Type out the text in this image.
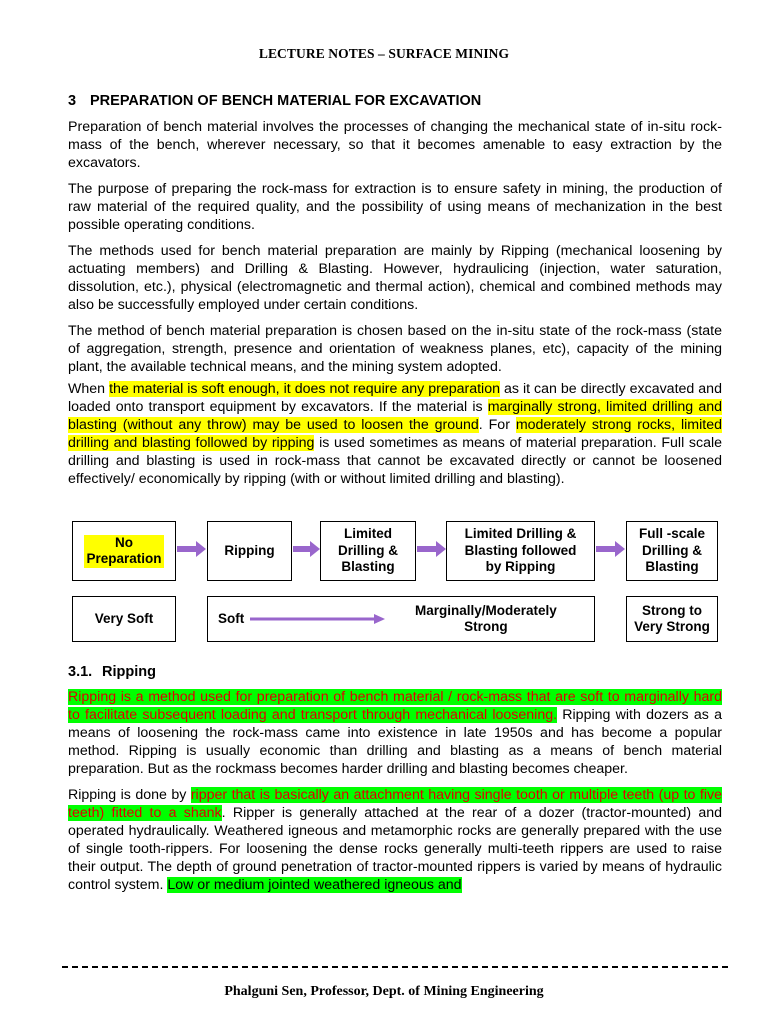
LECTURE NOTES – SURFACE MINING
3 PREPARATION OF BENCH MATERIAL FOR EXCAVATION

Preparation of bench material involves the processes of changing the mechanical state of in-situ rock-mass of the bench, wherever necessary, so that it becomes amenable to easy extraction by the excavators.

The purpose of preparing the rock-mass for extraction is to ensure safety in mining, the production of raw material of the required quality, and the possibility of using means of mechanization in the best possible operating conditions.

The methods used for bench material preparation are mainly by Ripping (mechanical loosening by actuating members) and Drilling & Blasting. However, hydraulicing (injection, water saturation, dissolution, etc.), physical (electromagnetic and thermal action), chemical and combined methods may also be successfully employed under certain conditions.

The method of bench material preparation is chosen based on the in-situ state of the rock-mass (state of aggregation, strength, presence and orientation of weakness planes, etc), capacity of the mining plant, the available technical means, and the mining system adopted.

When the material is soft enough, it does not require any preparation as it can be directly excavated and loaded onto transport equipment by excavators. If the material is marginally strong, limited drilling and blasting (without any throw) may be used to loosen the ground. For moderately strong rocks, limited drilling and blasting followed by ripping is used sometimes as means of material preparation. Full scale drilling and blasting is used in rock-mass that cannot be excavated directly or cannot be loosened effectively/ economically by ripping (with or without limited drilling and blasting).

No Preparation
Ripping
Limited Drilling & Blasting
Limited Drilling & Blasting followed by Ripping
Full -scale Drilling & Blasting
Very Soft	Soft
Marginally/Moderately Strong
Strong to Very Strong
3.1. Ripping

Ripping is a method used for preparation of bench material / rock-mass that are soft to marginally hard to facilitate subsequent loading and transport through mechanical loosening. Ripping with dozers as a means of loosening the rock-mass came into existence in late 1950s and has become a popular method. Ripping is usually economic than drilling and blasting as a means of bench material preparation. But as the rockmass becomes harder drilling and blasting becomes cheaper.

Ripping is done by ripper that is basically an attachment having single tooth or multiple teeth (up to five teeth) fitted to a shank. Ripper is generally attached at the rear of a dozer (tractor-mounted) and operated hydraulically. Weathered igneous and metamorphic rocks are generally prepared with the use of single tooth-rippers. For loosening the dense rocks generally multi-teeth rippers are used to raise their output. The depth of ground penetration of tractor-mounted rippers is varied by means of hydraulic control system. Low or medium jointed weathered igneous and

Phalguni Sen, Professor, Dept. of Mining Engineering
